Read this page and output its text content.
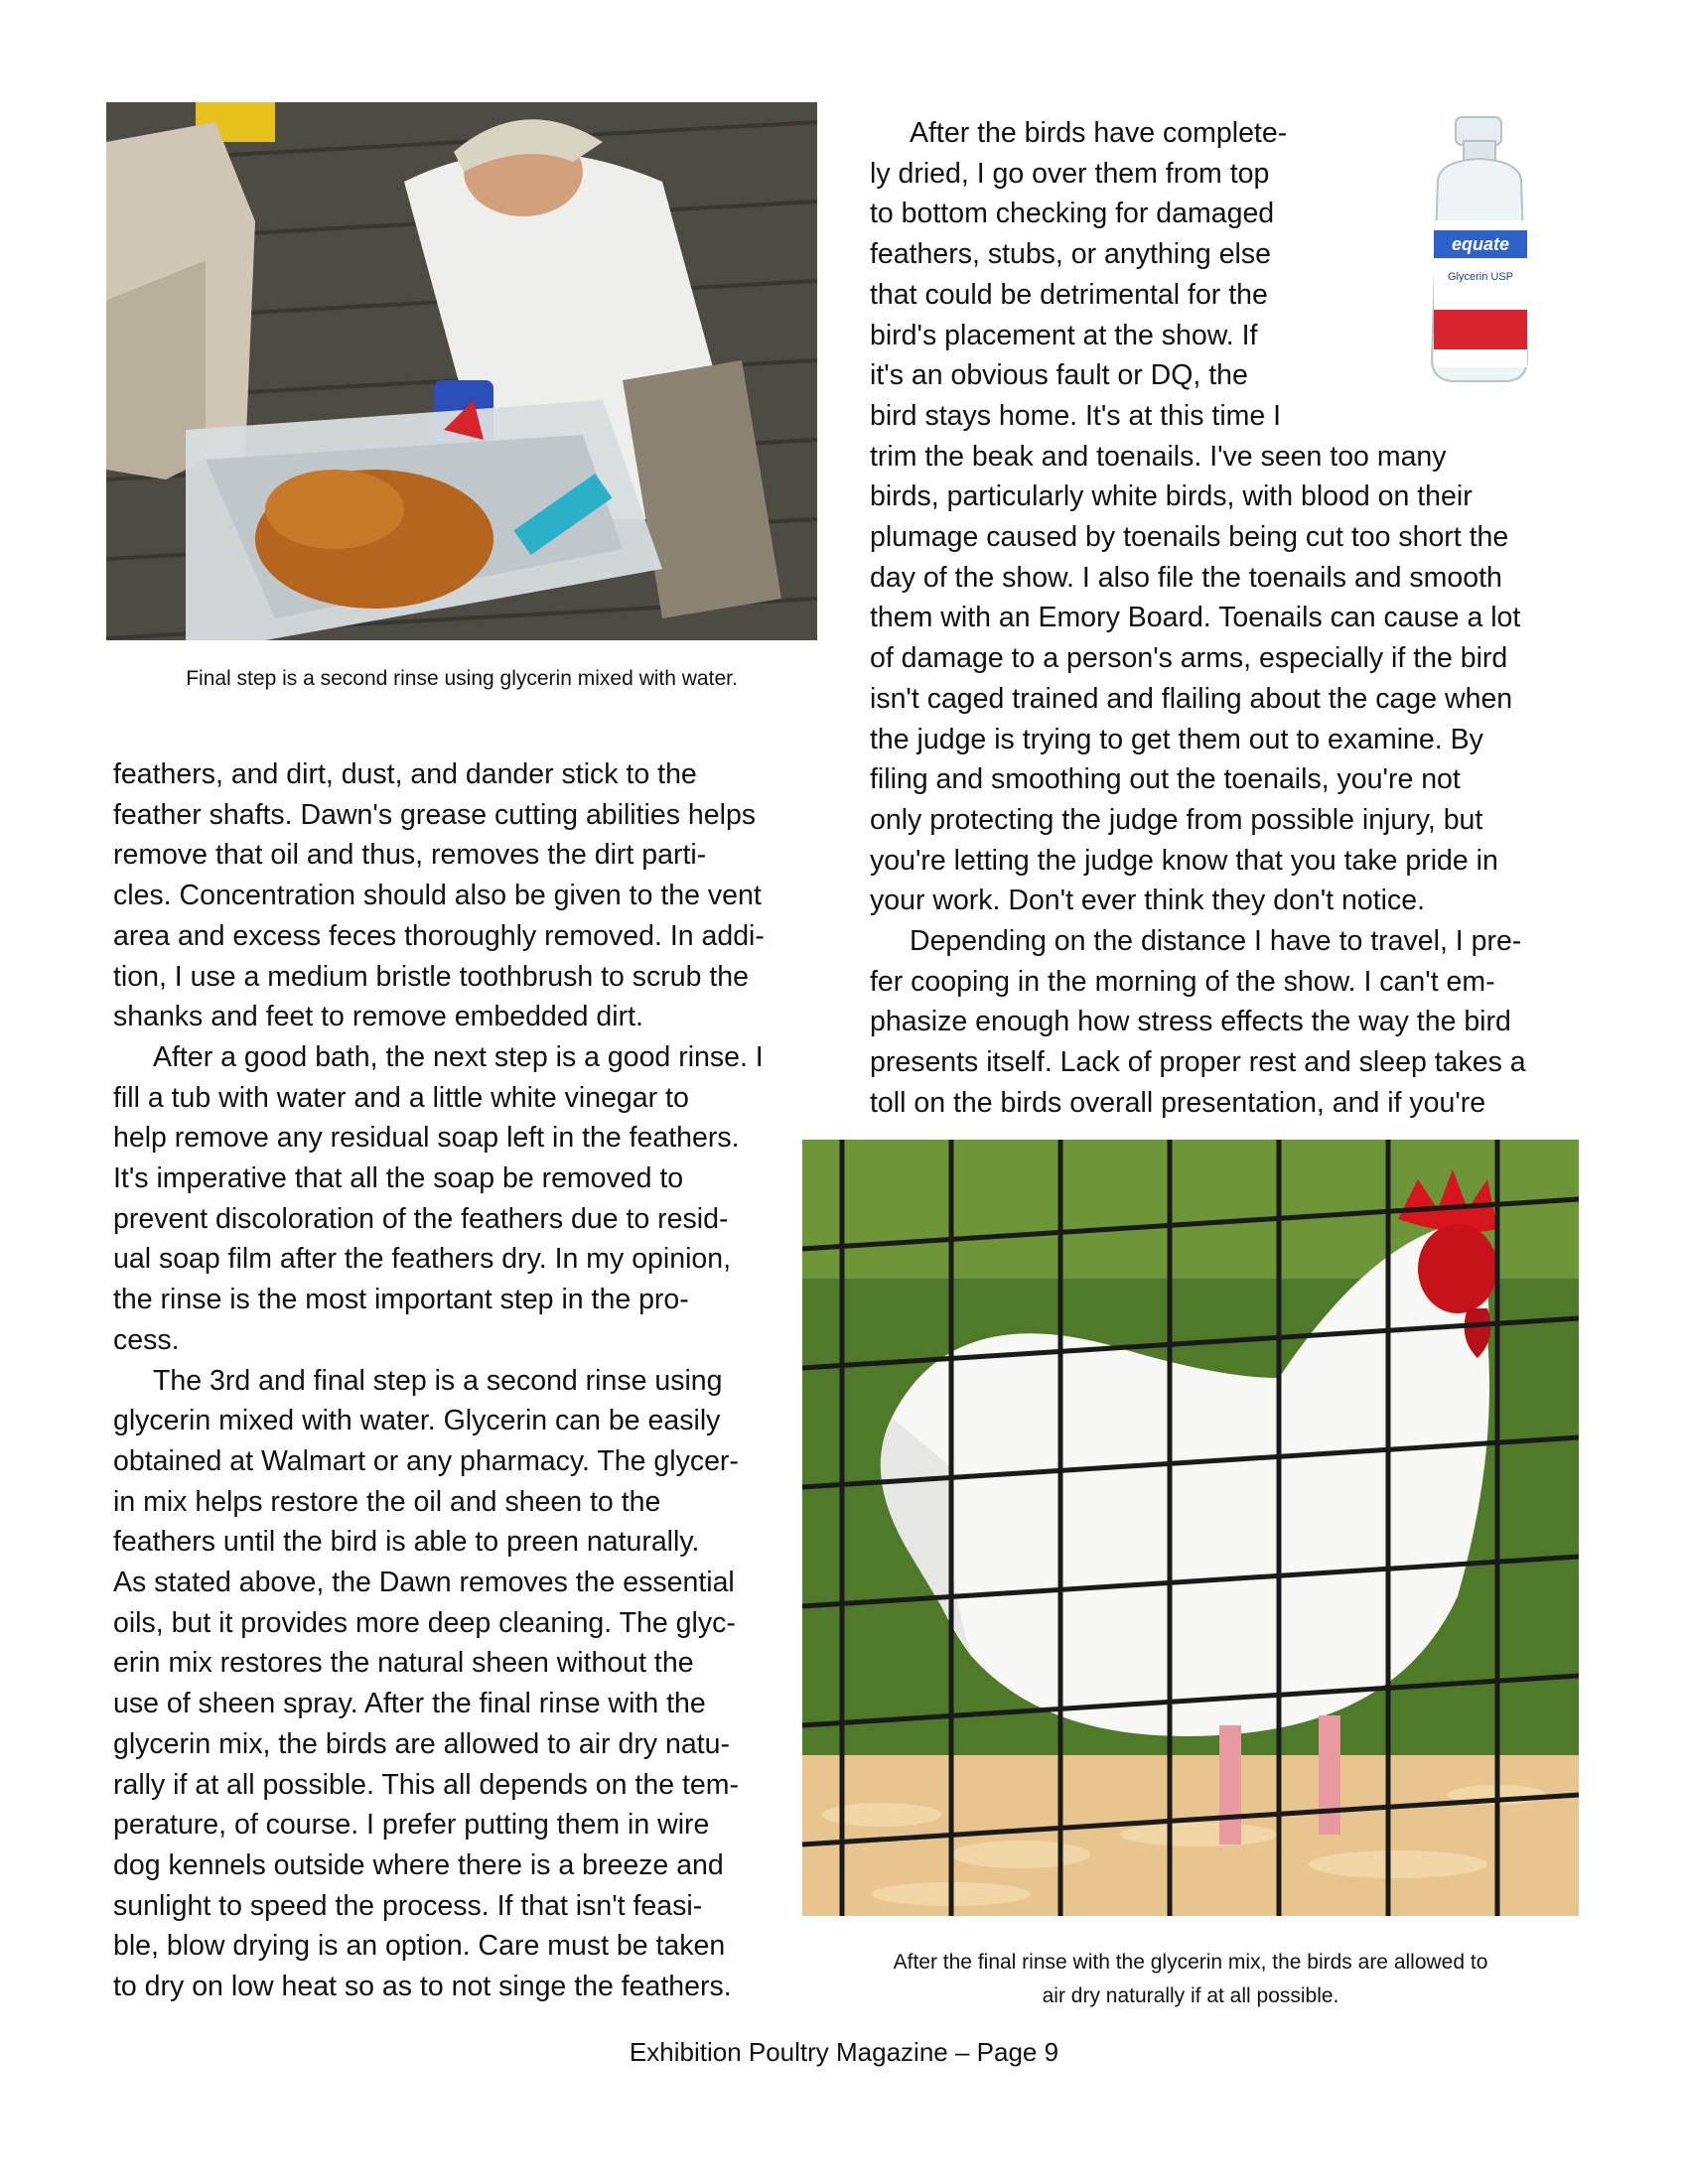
Final step is a second rinse using glycerin mixed with water.
equate
Glycerin USP
After the birds have complete-
ly dried, I go over them from top
to bottom checking for damaged
feathers, stubs, or anything else
that could be detrimental for the
bird's placement at the show. If
it's an obvious fault or DQ, the
bird stays home. It's at this time I
trim the beak and toenails. I've seen too many
birds, particularly white birds, with blood on their
plumage caused by toenails being cut too short the
day of the show. I also file the toenails and smooth
them with an Emory Board. Toenails can cause a lot
of damage to a person's arms, especially if the bird
isn't caged trained and flailing about the cage when
the judge is trying to get them out to examine. By
filing and smoothing out the toenails, you're not
only protecting the judge from possible injury, but
you're letting the judge know that you take pride in
your work. Don't ever think they don't notice.
Depending on the distance I have to travel, I pre-
fer cooping in the morning of the show. I can't em-
phasize enough how stress effects the way the bird
presents itself. Lack of proper rest and sleep takes a
toll on the birds overall presentation, and if you're
feathers, and dirt, dust, and dander stick to the
feather shafts. Dawn's grease cutting abilities helps
remove that oil and thus, removes the dirt parti-
cles. Concentration should also be given to the vent
area and excess feces thoroughly removed. In addi-
tion, I use a medium bristle toothbrush to scrub the
shanks and feet to remove embedded dirt.
After a good bath, the next step is a good rinse. I
fill a tub with water and a little white vinegar to
help remove any residual soap left in the feathers.
It's imperative that all the soap be removed to
prevent discoloration of the feathers due to resid-
ual soap film after the feathers dry. In my opinion,
the rinse is the most important step in the pro-
cess.
The 3rd and final step is a second rinse using
glycerin mixed with water. Glycerin can be easily
obtained at Walmart or any pharmacy. The glycer-
in mix helps restore the oil and sheen to the
feathers until the bird is able to preen naturally.
As stated above, the Dawn removes the essential
oils, but it provides more deep cleaning. The glyc-
erin mix restores the natural sheen without the
use of sheen spray. After the final rinse with the
glycerin mix, the birds are allowed to air dry natu-
rally if at all possible. This all depends on the tem-
perature, of course. I prefer putting them in wire
dog kennels outside where there is a breeze and
sunlight to speed the process. If that isn't feasi-
ble, blow drying is an option. Care must be taken
to dry on low heat so as to not singe the feathers.
After the final rinse with the glycerin mix, the birds are allowed to
air dry naturally if at all possible.
Exhibition Poultry Magazine – Page 9
